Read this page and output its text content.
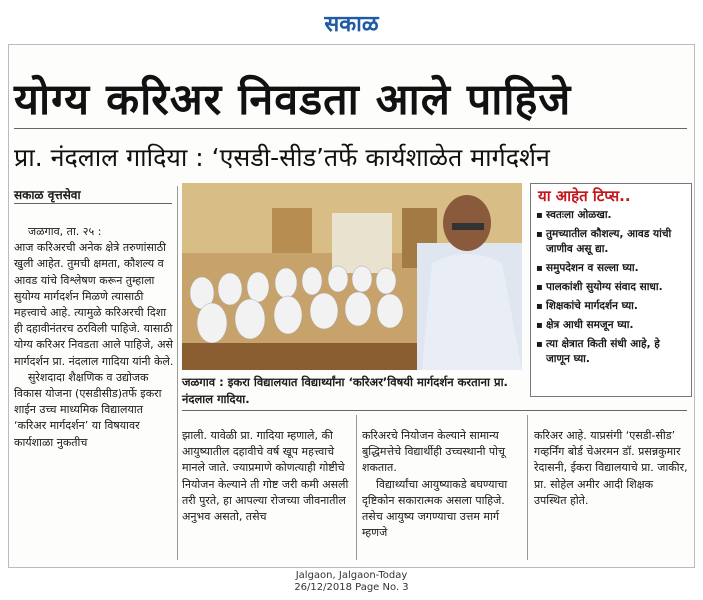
सकाळ
योग्य करिअर निवडता आले पाहिजे
प्रा. नंदलाल गादिया : ‘एसडी-सीड’तर्फे कार्यशाळेत मार्गदर्शन
सकाळ वृत्तसेवा

जळगाव, ता. २५ :

आज करिअरची अनेक क्षेत्रे तरुणांसाठी खुली आहेत. तुमची क्षमता, कौशल्य व आवड यांचे विश्लेषण करून तुम्हाला सुयोग्य मार्गदर्शन मिळणे त्यासाठी महत्त्वाचे आहे. त्यामुळे करिअरची दिशा ही दहावीनंतरच ठरविली पाहिजे. यासाठी योग्य करिअर निवडता आले पाहिजे, असे मार्गदर्शन प्रा. नंदलाल गादिया यांनी केले.

सुरेशदादा शैक्षणिक व उद्योजक विकास योजना (एसडीसीड)तर्फे इकरा शाईन उच्च माध्यमिक विद्यालयात ‘करिअर मार्गदर्शन’ या विषयावर कार्यशाळा नुकतीच

जळगाव : इकरा विद्यालयात विद्यार्थ्यांना ‘करिअर’विषयी मार्गदर्शन करताना प्रा. नंदलाल गादिया.
या आहेत टिप्स..
▪ स्वतःला ओळखा.
▪ तुमच्यातील कौशल्य, आवड यांची जाणीव असू द्या.
▪ समुपदेशन व सल्ला घ्या.
▪ पालकांशी सुयोग्य संवाद साधा.
▪ शिक्षकांचे मार्गदर्शन घ्या.
▪ क्षेत्र आधी समजून घ्या.
▪ त्या क्षेत्रात किती संधी आहे, हे जाणून घ्या.
झाली. यावेळी प्रा. गादिया म्हणाले, की आयुष्यातील दहावीचे वर्ष खूप महत्त्वाचे मानले जाते. ज्याप्रमाणे कोणत्याही गोष्टीचे नियोजन केल्याने ती गोष्ट जरी कमी असली तरी पुरते, हा आपल्या रोजच्या जीवनातील अनुभव असतो, तसेच

करिअरचे नियोजन केल्याने सामान्य बुद्धिमत्तेचे विद्यार्थीही उच्चस्थानी पोचू शकतात.

विद्यार्थ्यांचा आयुष्याकडे बघण्याचा दृष्टिकोन सकारात्मक असला पाहिजे. तसेच आयुष्य जगण्याचा उत्तम मार्ग म्हणजे

करिअर आहे. याप्रसंगी ‘एसडी-सीड’ गव्हर्निंग बोर्ड चेअरमन डॉ. प्रसन्नकुमार रेदासनी, ईकरा विद्यालयाचे प्रा. जाकीर, प्रा. सोहेल अमीर आदी शिक्षक उपस्थित होते.
Jalgaon, Jalgaon-Today
26/12/2018 Page No. 3
